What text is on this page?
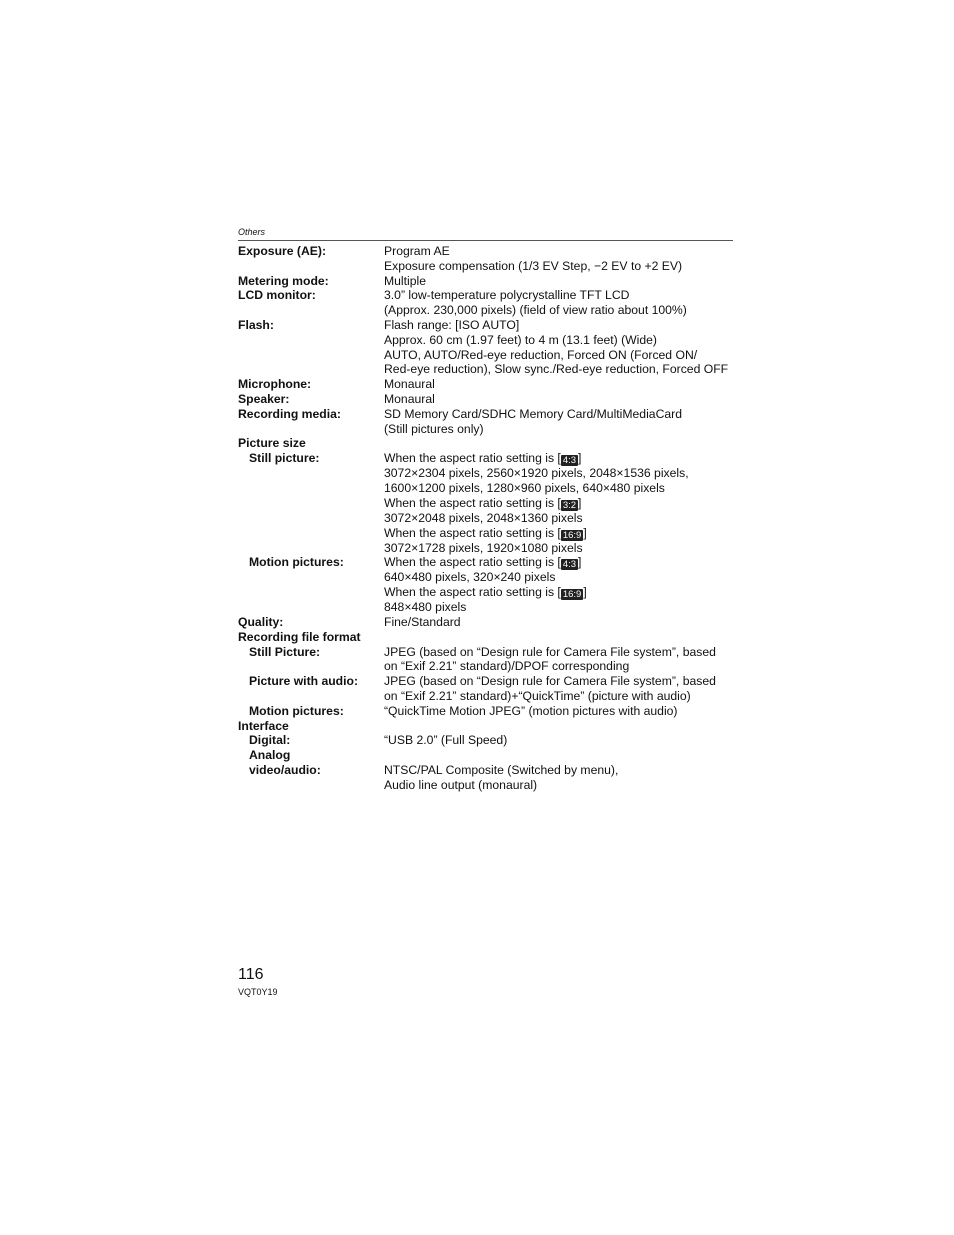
Others
Exposure (AE):	Program AE
Exposure compensation (1/3 EV Step, −2 EV to +2 EV)
Metering mode:	Multiple
LCD monitor:	3.0” low-temperature polycrystalline TFT LCD
(Approx. 230,000 pixels) (field of view ratio about 100%)
Flash:	Flash range: [ISO AUTO]
Approx. 60 cm (1.97 feet) to 4 m (13.1 feet) (Wide)
AUTO, AUTO/Red-eye reduction, Forced ON (Forced ON/
Red-eye reduction), Slow sync./Red-eye reduction, Forced OFF
Microphone:	Monaural
Speaker:	Monaural
Recording media:	SD Memory Card/SDHC Memory Card/MultiMediaCard
(Still pictures only)
Picture size
Still picture:	When the aspect ratio setting is [ 4:3 ]
3072×2304 pixels, 2560×1920 pixels, 2048×1536 pixels,
1600×1200 pixels, 1280×960 pixels, 640×480 pixels
When the aspect ratio setting is [ 3:2 ]
3072×2048 pixels, 2048×1360 pixels
When the aspect ratio setting is [ 16:9 ]
3072×1728 pixels, 1920×1080 pixels
Motion pictures:	When the aspect ratio setting is [ 4:3 ]
640×480 pixels, 320×240 pixels
When the aspect ratio setting is [ 16:9 ]
848×480 pixels
Quality:	Fine/Standard
Recording file format
Still Picture:	JPEG (based on “Design rule for Camera File system”, based
on “Exif 2.21” standard)/DPOF corresponding
Picture with audio:	JPEG (based on “Design rule for Camera File system”, based
on “Exif 2.21” standard)+“QuickTime” (picture with audio)
Motion pictures:	“QuickTime Motion JPEG” (motion pictures with audio)
Interface
Digital:	“USB 2.0” (Full Speed)
Analog
video/audio:
	NTSC/PAL Composite (Switched by menu),
Audio line output (monaural)
116
VQT0Y19
